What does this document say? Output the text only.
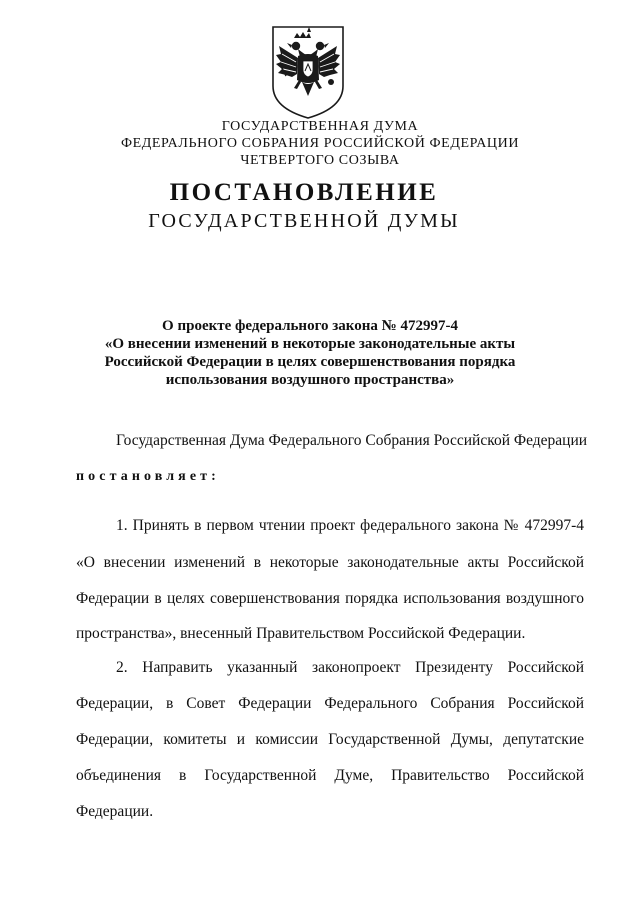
ГОСУДАРСТВЕННАЯ ДУМА
ФЕДЕРАЛЬНОГО СОБРАНИЯ РОССИЙСКОЙ ФЕДЕРАЦИИ
ЧЕТВЕРТОГО СОЗЫВА
ПОСТАНОВЛЕНИЕ
ГОСУДАРСТВЕННОЙ ДУМЫ
О проекте федерального закона № 472997-4
«О внесении изменений в некоторые законодательные акты
Российской Федерации в целях совершенствования порядка
использования воздушного пространства»
Государственная Дума Федерального Собрания Российской Федерации
постановляет:
1. Принять в первом чтении проект федерального закона № 472997-4
«О внесении изменений в некоторые законодательные акты Российской
Федерации в целях совершенствования порядка использования воздушного
пространства», внесенный Правительством Российской Федерации.
2. Направить указанный законопроект Президенту Российской
Федерации, в Совет Федерации Федерального Собрания Российской
Федерации, комитеты и комиссии Государственной Думы, депутатские
объединения в Государственной Думе, Правительство Российской
Федерации.
